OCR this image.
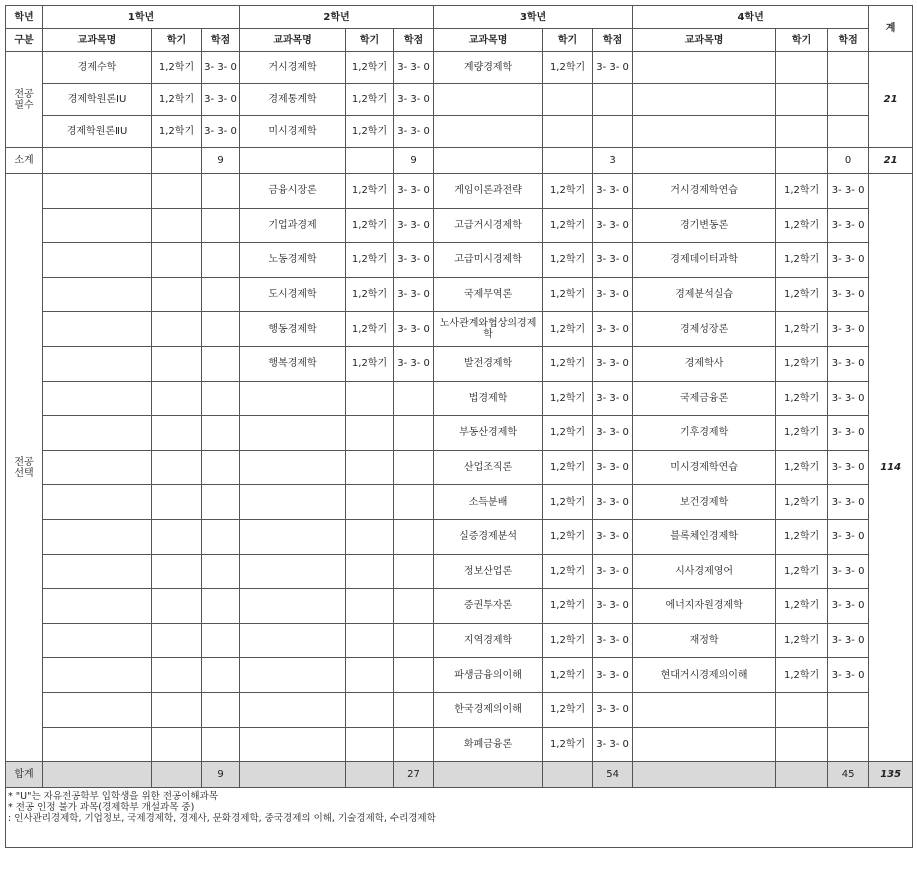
학년	1학년			2학년			3학년			4학년			계
구분	교과목명	학기	학점	교과목명	학기	학점	교과목명	학기	학점	교과목명	학기	학점	
전공
필수	경제수학	1,2학기	3- 3- 0	거시경제학	1,2학기	3- 3- 0	계량경제학	1,2학기	3- 3- 0				21
	경제학원론ⅠU	1,2학기	3- 3- 0	경제통계학	1,2학기	3- 3- 0							
	경제학원론ⅡU	1,2학기	3- 3- 0	미시경제학	1,2학기	3- 3- 0							
소계			9			9			3			0	21
전공
선택				금융시장론	1,2학기	3- 3- 0	게임이론과전략	1,2학기	3- 3- 0	거시경제학연습	1,2학기	3- 3- 0	114
				기업과경제	1,2학기	3- 3- 0	고급거시경제학	1,2학기	3- 3- 0	경기변동론	1,2학기	3- 3- 0	
				노동경제학	1,2학기	3- 3- 0	고급미시경제학	1,2학기	3- 3- 0	경제데이터과학	1,2학기	3- 3- 0	
				도시경제학	1,2학기	3- 3- 0	국제무역론	1,2학기	3- 3- 0	경제분석실습	1,2학기	3- 3- 0	
				행동경제학	1,2학기	3- 3- 0	노사관계와협상의경제학	1,2학기	3- 3- 0	경제성장론	1,2학기	3- 3- 0	
				행복경제학	1,2학기	3- 3- 0	발전경제학	1,2학기	3- 3- 0	경제학사	1,2학기	3- 3- 0	
							법경제학	1,2학기	3- 3- 0	국제금융론	1,2학기	3- 3- 0	
							부동산경제학	1,2학기	3- 3- 0	기후경제학	1,2학기	3- 3- 0	
							산업조직론	1,2학기	3- 3- 0	미시경제학연습	1,2학기	3- 3- 0	
							소득분배	1,2학기	3- 3- 0	보건경제학	1,2학기	3- 3- 0	
							실증경제분석	1,2학기	3- 3- 0	블록체인경제학	1,2학기	3- 3- 0	
							정보산업론	1,2학기	3- 3- 0	시사경제영어	1,2학기	3- 3- 0	
							증권투자론	1,2학기	3- 3- 0	에너지자원경제학	1,2학기	3- 3- 0	
							지역경제학	1,2학기	3- 3- 0	재정학	1,2학기	3- 3- 0	
							파생금융의이해	1,2학기	3- 3- 0	현대거시경제의이해	1,2학기	3- 3- 0	
							한국경제의이해	1,2학기	3- 3- 0				
							화폐금융론	1,2학기	3- 3- 0				
합계			9			27			54			45	135

* "U"는 자유전공학부 입학생을 위한 전공이해과목
* 전공 인정 불가 과목(경제학부 개설과목 중)
: 인사관리경제학, 기업정보, 국제경제학, 경제사, 문화경제학, 중국경제의 이해, 기술경제학, 수리경제학													
